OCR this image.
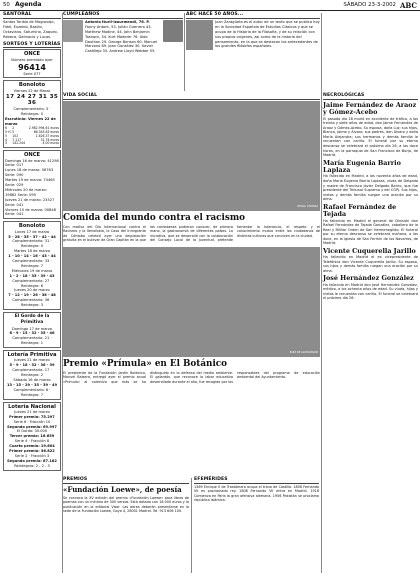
50 Agenda	SÁBADO 23-3-2002 ABC
SANTORAL
Santos Toribio de Mogrovejo, Fidel, Euzebio, Basilio, Octaviano, Saturnino, Zaqueo, Rebeca, Dalmacio y Lucas.
SORTEOS Y LOTERÍAS
ONCE
Número premiado ayer
96414
Serie 077
Bonoloto
Viernes 22 de Marzo
17 24 27 31 35 36
Complementario: 3 · Reintegro: 0
Escrutinio: Viernes 22 de marzo
6	2	2.982.994,61 euros
5+C	5	66.343,63 euros
5	102	1.626,37 euros
4	7.117	31,76 euros
3	142.244	4,00 euros
ONCE
Domingo 16 de marzo: 41298 Serie: 017
Lunes 18 de marzo: 56763 Serie: 090
Martes 19 de marzo: 74465 Serie: 029
Miércoles 20 de marzo: 19862 Serie: 099
Jueves 21 de marzo: 23527 Serie: 041
Viernes 15 de marzo: 00848 Serie: 041
Bonoloto
Lunes 17 de marzo
5 - 28 - 35 - 37 - 42 - 44
Complementario: 31 · Reintegro: 0
Martes 18 de marzo
1 - 10 - 14 - 16 - 43 - 44
Complementario: 33 · Reintegro: 7
Miércoles 19 de marzo
1 - 2 - 18 - 35 - 39 - 43
Complementario: 27 · Reintegro: 6
Jueves 20 de marzo
7 - 12 - 19 - 26 - 38 - 48
Complementario: 36 · Reintegro: 3
El Gordo de la Primitiva
Domingo 17 de marzo
6 - 9 - 15 - 32 - 35 - 46
Complementario: 21 · Reintegro: 1
Lotería Primitiva
Jueves 21 de marzo
5 - 9 - 18 - 32 - 36 - 39
Complementario: 17 · Reintegro: 2
Sábado 16 de marzo
13 - 15 - 29 - 35 - 39 - 49
Complementario: 6 · Reintegro: 7
Lotería Nacional
Jueves 21 de marzo
Primer premio: 75.297
Serie 6 · Fracción 10
Segundo premio: 69.997
El Gordo: 30.000
Tercer premio: 16.659
Serie 4 · Fracción 8
Cuarto premio: 19.604
Primer premio: 36.822
Serie 2 · Fracción 3
Segundo premio: 67.182
Reintegros: 2 - 2 - 3
CUMPLEAÑOS
Antonio Iturii-Izaurmendi, 76. P.
Fanny Ardant, 53. Julián Guerrero 43. Matthew Modine, 44. John Benjamin Toshack, 54. Kurt Moderer 76. Aldo Dauthan 29. George Benson 60. Manuel Marcono 69. Joan González 30. Xavier Castillejo 35. Andrew Lloyd Webber 55.
ABC HACE 50 AÑOS...
Juan Zaragüeta es el autor de un texto que se publica hoy en la Sociedad Española de Estudios Clásicos y que se ocupa de la Historia de la Filosofía, y de su relación con sus propios orígenes, así como de la historia del pensamiento, en la que se destacan los antecedentes de los grandes filósofos españoles.
VIDA SOCIAL
REGAL CÁMARA
Comida del mundo contra el racismo
Con motivo del Día Internacional contra el Racismo y la Xenofobia, la Casa del Inmigrante de Córdoba celebró ayer una degustación gratuita en el bulevar de Gran Capitán en la que los cordobeses pudieron conocer, de primera mano, la gastronomía de diferentes países. La iniciativa, que se desarrolló con la colaboración del Consejo Local de la Juventud, pretende fomentar la tolerancia, el respeto y el conocimiento mutuo entre los ciudadanos de distintas culturas que conviven en la ciudad.
RUIZ DE ALMODÓVAR
Premio «Prímula» en El Botánico
El presidente de la Fundación Jardín Botánico, Manuel Balsera, entregó ayer el premio anual «Prímula» al colectivo que más se ha distinguido en la defensa del medio ambiente. El galardón, que reconoce la labor educativa desarrollada durante el año, fue recogido por los responsables del programa de educación ambiental del Ayuntamiento.
PREMIOS
«Fundación Loewe», de poesía
Se convoca la XV edición del premio «Fundación Loewe» para libros de poemas con un mínimo de 300 versos. Está dotado con 18.000 euros y la publicación en la editorial Visor. Las obras deberán presentarse en la sede de la Fundación Loewe, Goya 4, 28001 Madrid. Tel. 913 606 100.
EFEMÉRIDES
1369 Enrique II de Trastámara ocupa el trono de Castilla. 1806 Fernando VII es proclamado rey. 1808 Fernando VII entra en Madrid. 1918 Comienza en París la gran ofensiva alemana. 1956 Pakistán se proclama república islámica.
NECROLÓGICAS
Jaime Fernández de Araoz y Gómez-Acebo
El pasado día 18 murió en accidente de tráfico, a los treinta y siete años de edad, don Jaime Fernández de Araoz y Gómez-Acebo. Su esposa, doña Luz; sus hijos, Blanca, Jaime y Álvaro; sus padres, don Álvaro y doña María Alejandra; sus hermanos y demás familia le recuerdan con cariño. El funeral por su eterno descanso se celebrará el próximo día 26, a las doce horas, en la parroquia de San Francisco de Borja, de Madrid.
María Eugenia Barrio Laplaza
Ha fallecido en Madrid, a los noventa años de edad, doña María Eugenia Barrio Laplaza, viuda de Delgado y madre de Francisco Javier Delgado Barrio, que fue presidente del Tribunal Supremo y del CGPJ. Sus hijos, nietos y demás familia ruegan una oración por su alma.
Rafael Fernández de Tejada
Ha fallecido en Madrid el general de División don Rafael Fernández de Tejada González, caballero de la Real y Militar Orden de San Hermenegildo. El funeral por su eterno descanso se celebrará mañana, a las doce, en la iglesia de San Fermín de los Navarros, de Madrid.
Vicente Cuquerella Jarillo
Ha fallecido en Madrid el ex vicepresidente de Telefónica don Vicente Cuquerella Jarillo. Su esposa, sus hijos y demás familia ruegan una oración por su alma.
José Hernández González
Ha fallecido en Madrid don José Hernández González, médico, a los ochenta años de edad. Su viuda, hijos y nietos le recuerdan con cariño. El funeral se celebrará el próximo día 26.
